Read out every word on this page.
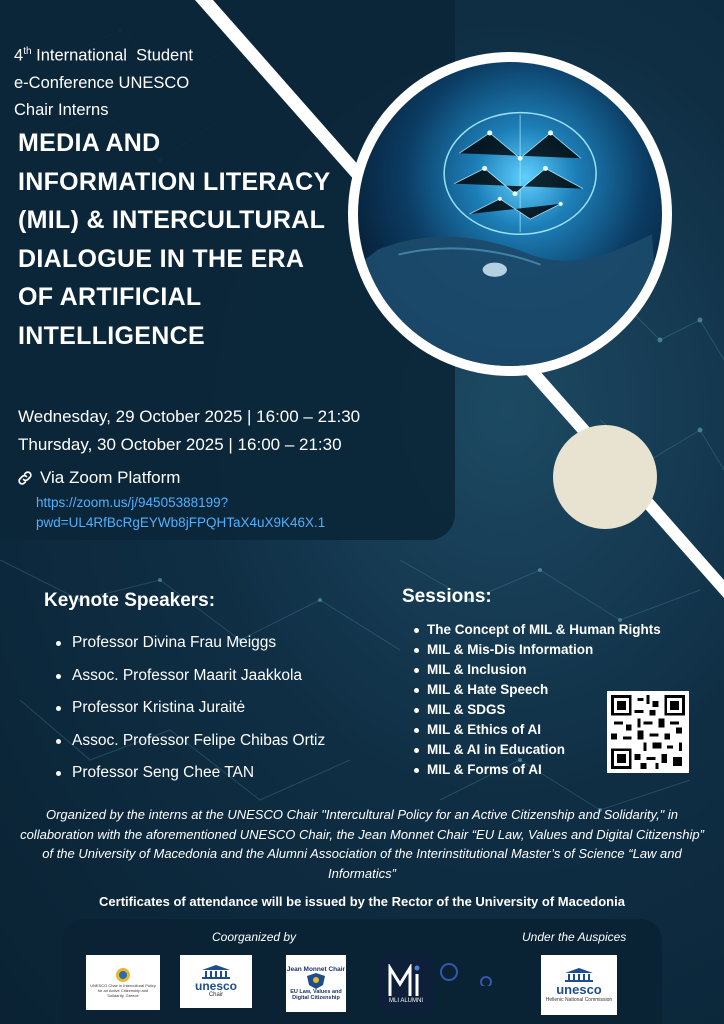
4th International  Student
e-Conference UNESCO
Chair Interns
MEDIA AND INFORMATION LITERACY (MIL) & INTERCULTURAL DIALOGUE IN THE ERA OF ARTIFICIAL INTELLIGENCE
Wednesday, 29 October 2025 | 16:00 – 21:30
Thursday, 30 October 2025 | 16:00 – 21:30
Via Zoom Platform
https://zoom.us/j/94505388199?
pwd=UL4RfBcRgEYWb8jFPQHTaX4uX9K46X.1
Keynote Speakers:
Professor Divina Frau Meiggs
Assoc. Professor Maarit Jaakkola
Professor Kristina Juraitė
Assoc. Professor Felipe Chibas Ortiz
Professor Seng Chee TAN
Sessions:
The Concept of MIL & Human Rights
MIL & Mis-Dis Information
MIL & Inclusion
MIL & Hate Speech
MIL & SDGS
MIL & Ethics of AI
MIL & AI in Education
MIL & Forms of AI
Organized by the interns at the UNESCO Chair "Intercultural Policy for an Active Citizenship and Solidarity," in collaboration with the aforementioned UNESCO Chair, the Jean Monnet Chair “EU Law, Values and Digital Citizenship” of the University of Macedonia and the Alumni Association of the Interinstitutional Master’s of Science “Law and Informatics”
Certificates of attendance will be issued by the Rector of the University of Macedonia
Coorganized by	Under the Auspices
UNESCO Chair in Intercultural Policy for an Active Citizenship and Solidarity, Greece
unesco
Chair
Jean Monnet Chair
EU Law, Values and Digital Citizenship	MLI ALUMNI
unesco
Hellenic National Commission
